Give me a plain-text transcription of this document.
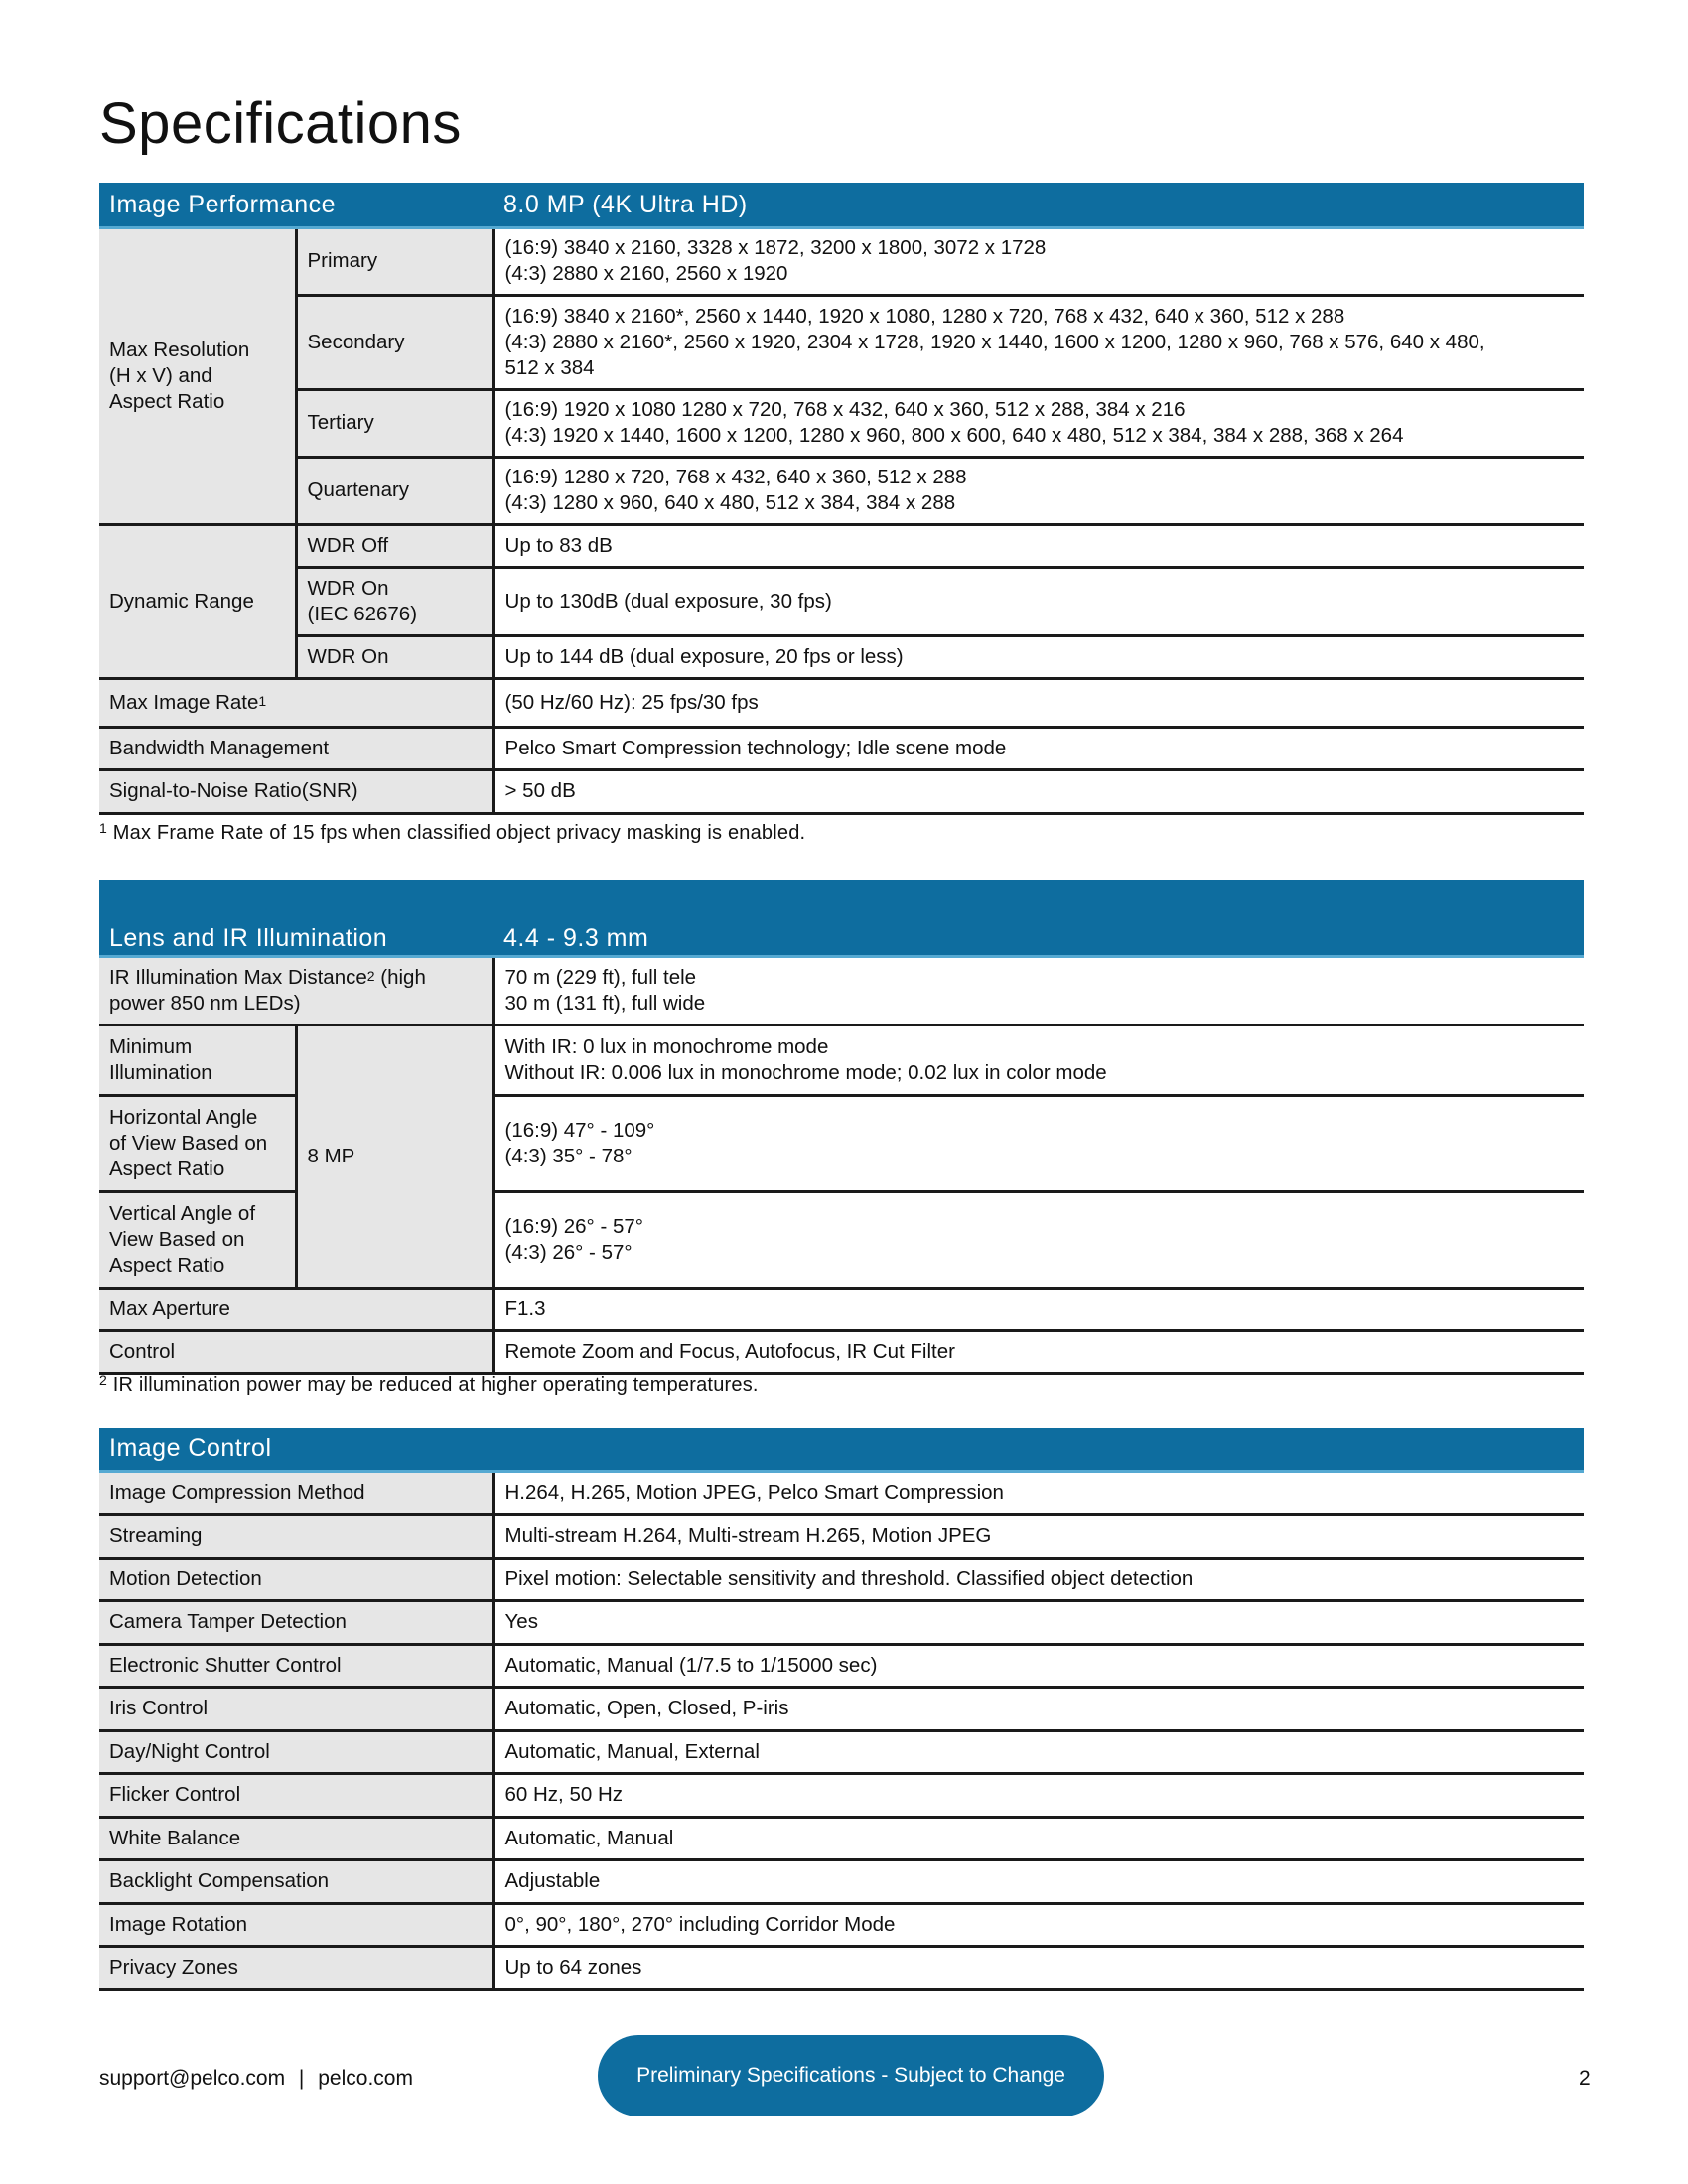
Specifications
Image Performance		8.0 MP (4K Ultra HD)

Max Resolution
(H x V) and
Aspect Ratio	Primary	(16:9) 3840 x 2160, 3328 x 1872, 3200 x 1800, 3072 x 1728
(4:3) 2880 x 2160, 2560 x 1920

	Secondary	(16:9) 3840 x 2160*, 2560 x 1440, 1920 x 1080, 1280 x 720, 768 x 432, 640 x 360, 512 x 288
(4:3) 2880 x 2160*, 2560 x 1920, 2304 x 1728, 1920 x 1440, 1600 x 1200, 1280 x 960, 768 x 576, 640 x 480,
512 x 384

	Tertiary	(16:9) 1920 x 1080 1280 x 720, 768 x 432, 640 x 360, 512 x 288, 384 x 216
(4:3) 1920 x 1440, 1600 x 1200, 1280 x 960, 800 x 600, 640 x 480, 512 x 384, 384 x 288, 368 x 264

	Quartenary	(16:9) 1280 x 720, 768 x 432, 640 x 360, 512 x 288
(4:3) 1280 x 960, 640 x 480, 512 x 384, 384 x 288

Dynamic Range	WDR Off	Up to 83 dB

	WDR On
(IEC 62676)	Up to 130dB (dual exposure, 30 fps)

	WDR On	Up to 144 dB (dual exposure, 20 fps or less)
Max Image Rate$^1$		(50 Hz/60 Hz): 25 fps/30 fps
Bandwidth Management		Pelco Smart Compression technology; Idle scene mode
Signal-to-Noise Ratio(SNR)		> 50 dB

$^1$ Max Frame Rate of 15 fps when classified object privacy masking is enabled.

Lens and IR Illumination		4.4 - 9.3 mm
IR Illumination Max Distance$^2$ (high
power 850 nm LEDs)		70 m (229 ft), full tele
30 m (131 ft), full wide

Minimum
Illumination	8 MP	With IR: 0 lux in monochrome mode
Without IR: 0.006 lux in monochrome mode; 0.02 lux in color mode

Horizontal Angle
of View Based on
Aspect Ratio		(16:9) 47° - 109°
(4:3) 35° - 78°

Vertical Angle of
View Based on
Aspect Ratio		(16:9) 26° - 57°
(4:3) 26° - 57°

Max Aperture		F1.3
Control		Remote Zoom and Focus, Autofocus, IR Cut Filter

$^2$ IR illumination power may be reduced at higher operating temperatures.

Image Control	
Image Compression Method	H.264, H.265, Motion JPEG, Pelco Smart Compression
Streaming	Multi-stream H.264, Multi-stream H.265, Motion JPEG
Motion Detection	Pixel motion: Selectable sensitivity and threshold. Classified object detection
Camera Tamper Detection	Yes
Electronic Shutter Control	Automatic, Manual (1/7.5 to 1/15000 sec)
Iris Control	Automatic, Open, Closed, P-iris
Day/Night Control	Automatic, Manual, External
Flicker Control	60 Hz, 50 Hz
White Balance	Automatic, Manual
Backlight Compensation	Adjustable
Image Rotation	0°, 90°, 180°, 270° including Corridor Mode
Privacy Zones	Up to 64 zones
support@pelco.com | pelco.com	Preliminary Specifications - Subject to Change	2
